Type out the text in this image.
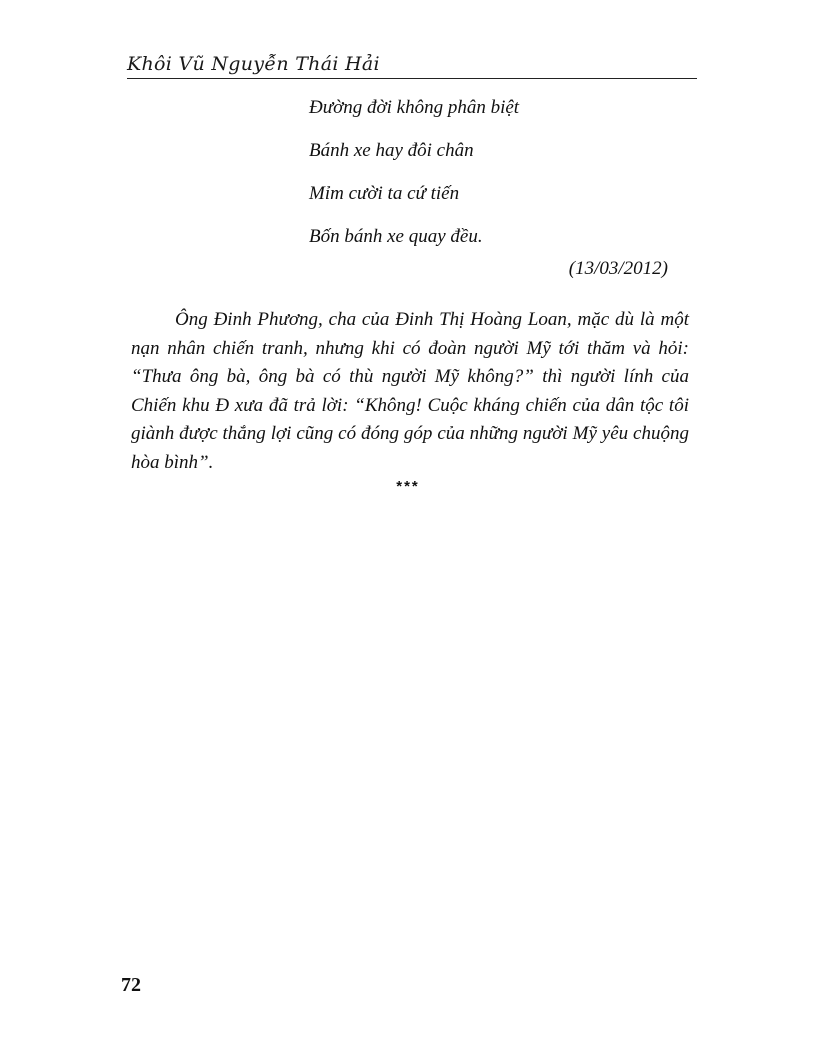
Khôi Vũ Nguyễn Thái Hải
Đường đời không phân biệt
Bánh xe hay đôi chân
Mỉm cười ta cứ tiến
Bốn bánh xe quay đều.
(13/03/2012)

Ông Đinh Phương, cha của Đinh Thị Hoàng Loan, mặc dù là một nạn nhân chiến tranh, nhưng khi có đoàn người Mỹ tới thăm và hỏi: “Thưa ông bà, ông bà có thù người Mỹ không?” thì người lính của Chiến khu Đ xưa đã trả lời: “Không! Cuộc kháng chiến của dân tộc tôi giành được thắng lợi cũng có đóng góp của những người Mỹ yêu chuộng hòa bình”.

***
72
